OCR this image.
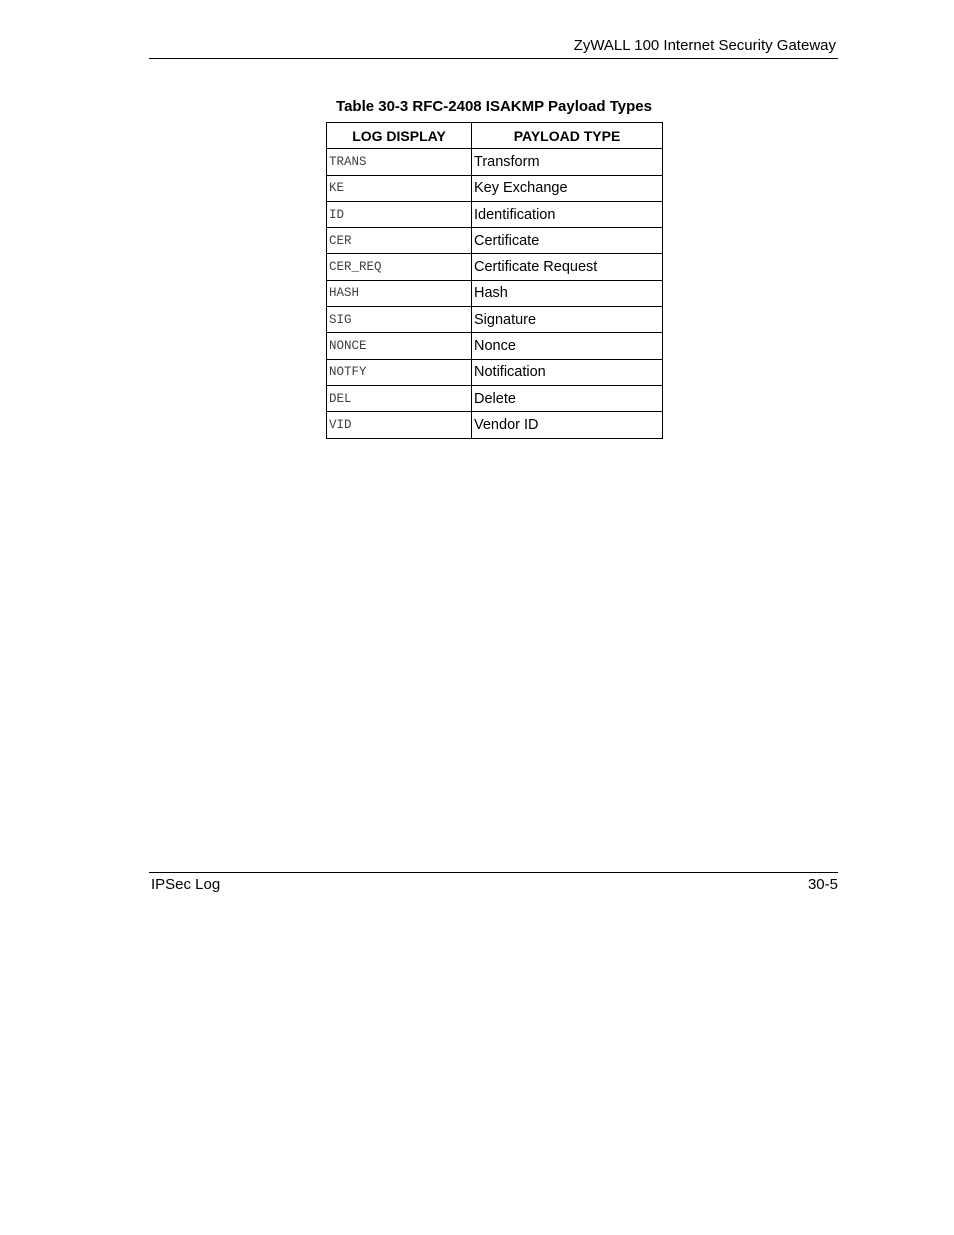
ZyWALL 100 Internet Security Gateway
Table 30-3 RFC-2408 ISAKMP Payload Types
LOG DISPLAY	PAYLOAD TYPE
TRANS	Transform
KE	Key Exchange
ID	Identification
CER	Certificate
CER_REQ	Certificate Request
HASH	Hash
SIG	Signature
NONCE	Nonce
NOTFY	Notification
DEL	Delete
VID	Vendor ID
IPSec Log	30-5
